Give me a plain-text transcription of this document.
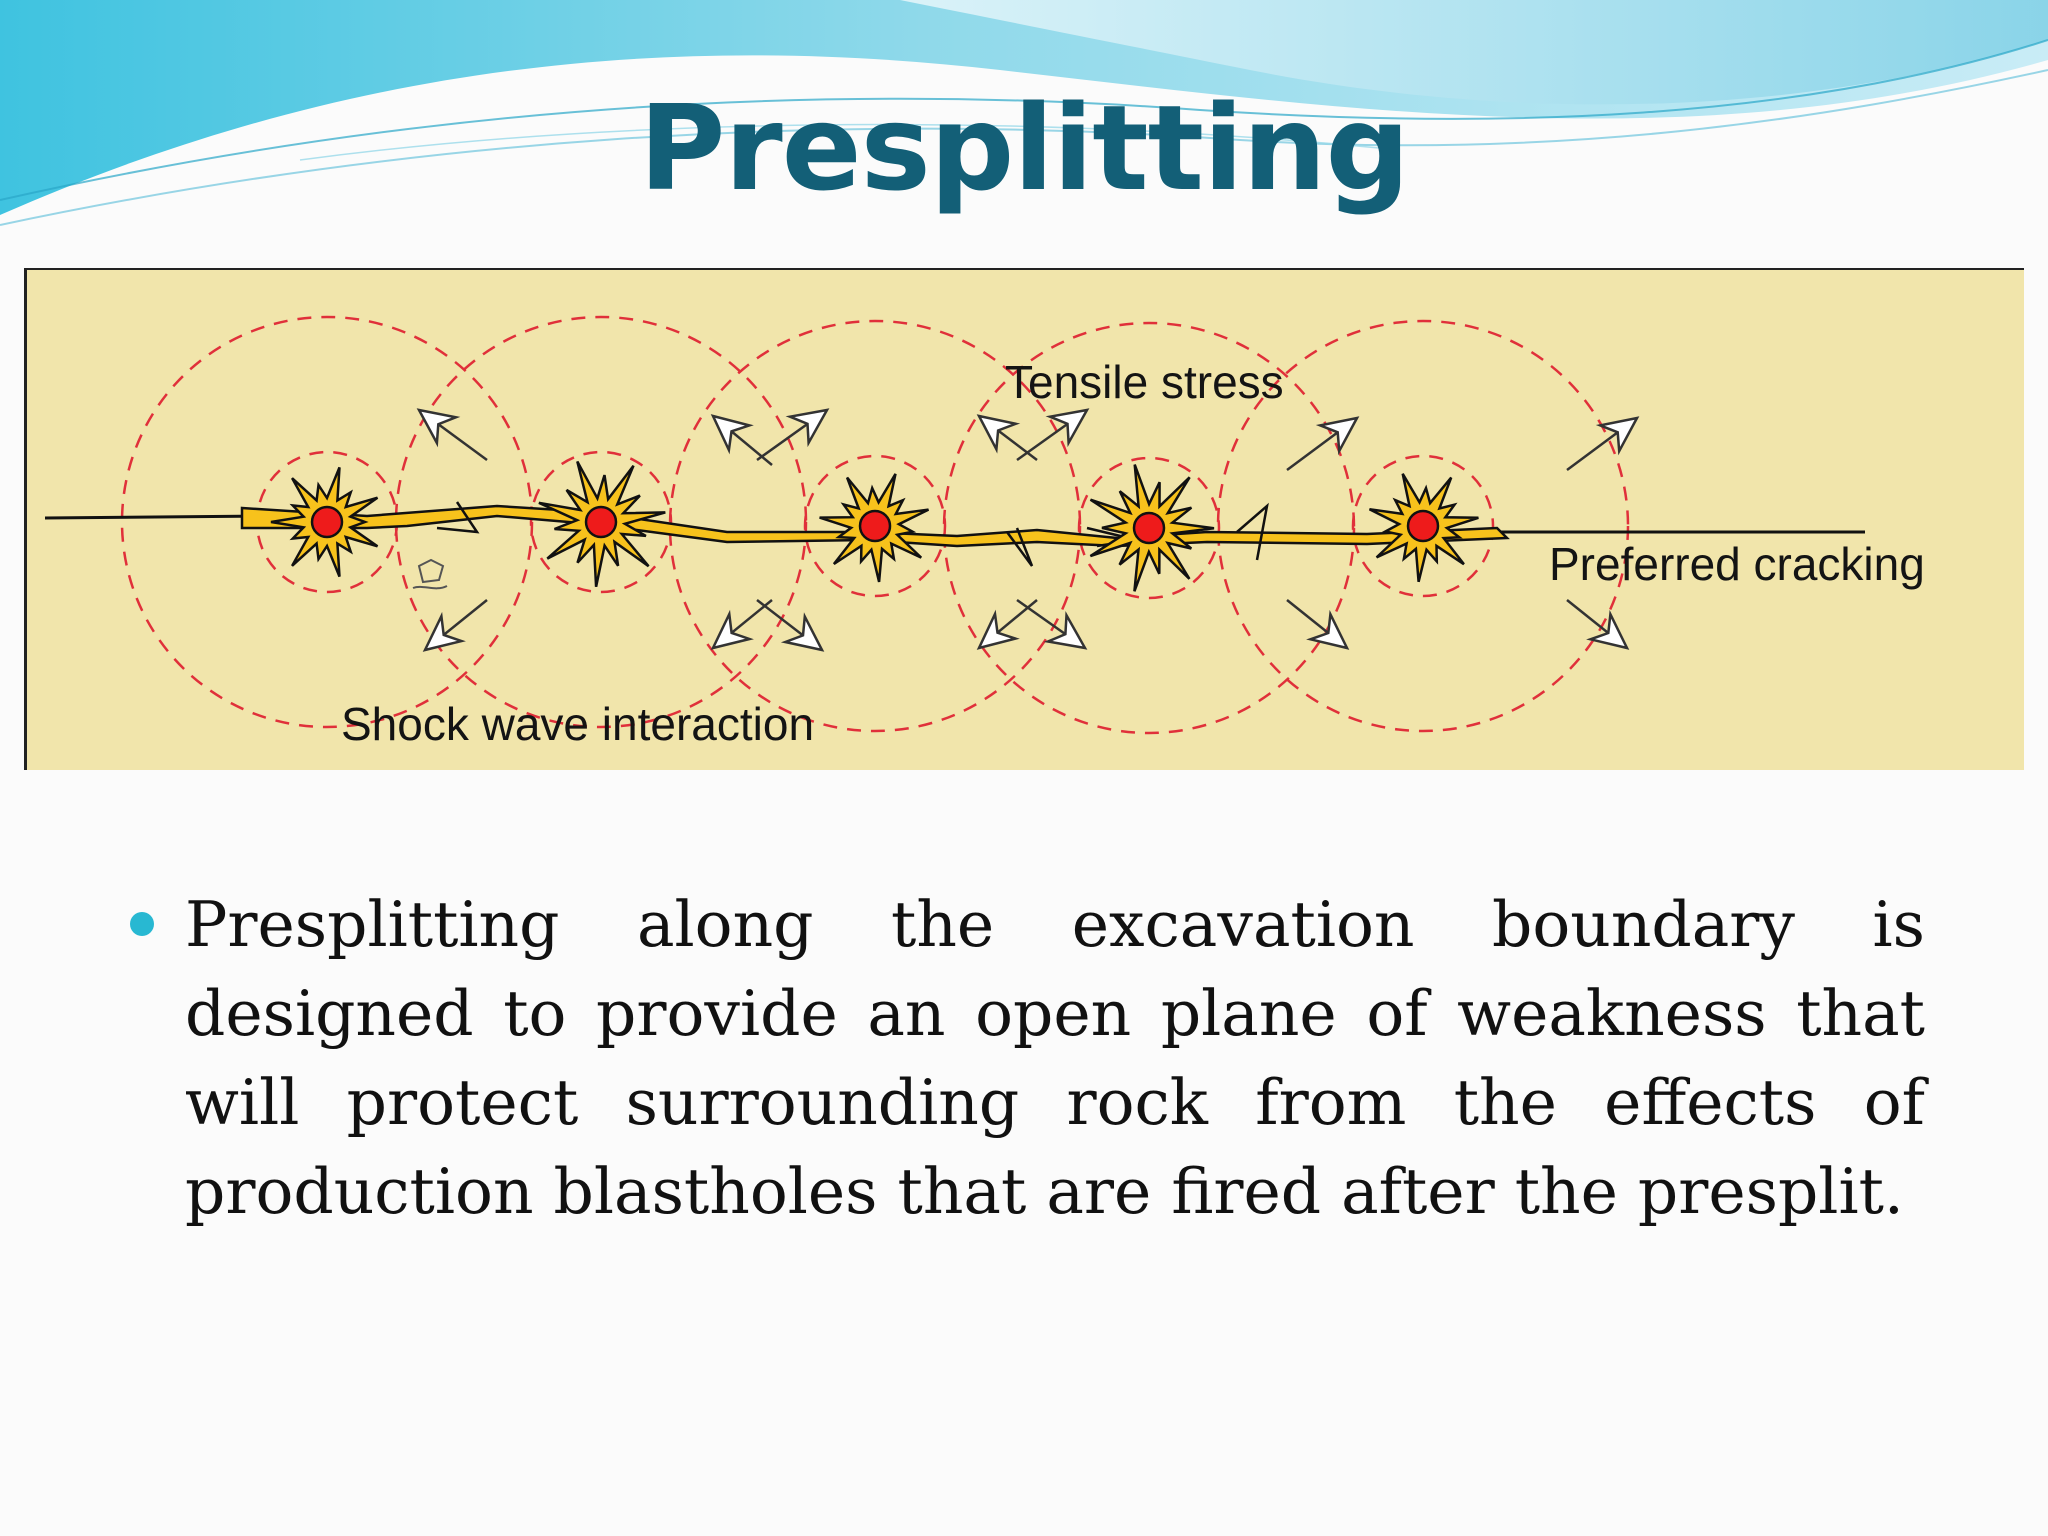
Presplitting
Tensile stress
Preferred cracking
Shock wave interaction

Presplitting along the excavation boundary is designed to provide an open plane of weakness that will protect surrounding rock from the effects of production blastholes that are fired after the presplit.
